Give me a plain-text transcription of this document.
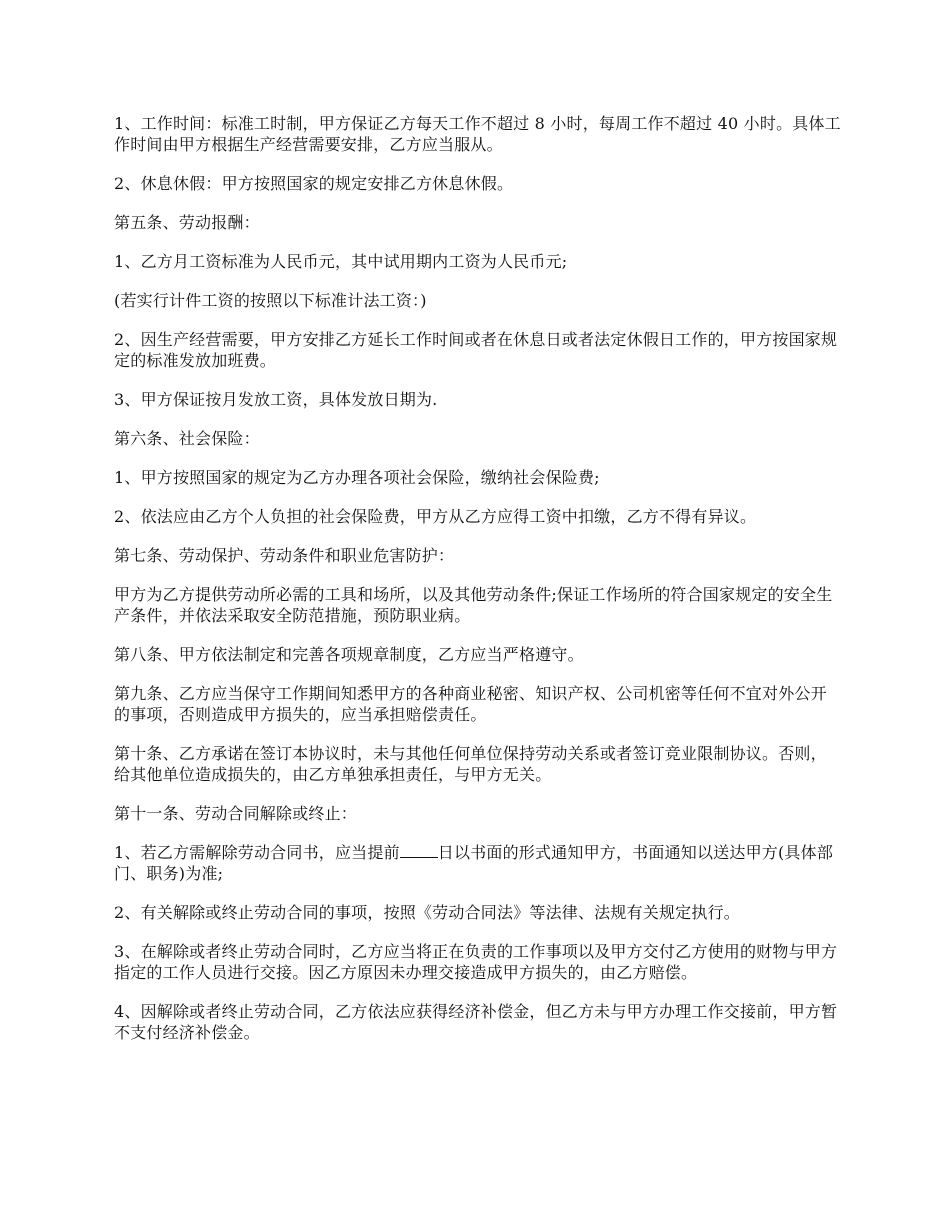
1、工作时间：标准工时制，甲方保证乙方每天工作不超过 8 小时，每周工作不超过 40 小时。具体工作时间由甲方根据生产经营需要安排，乙方应当服从。

2、休息休假：甲方按照国家的规定安排乙方休息休假。

第五条、劳动报酬：

1、乙方月工资标准为人民币元，其中试用期内工资为人民币元;

(若实行计件工资的按照以下标准计法工资：)

2、因生产经营需要，甲方安排乙方延长工作时间或者在休息日或者法定休假日工作的，甲方按国家规定的标准发放加班费。

3、甲方保证按月发放工资，具体发放日期为.

第六条、社会保险：

1、甲方按照国家的规定为乙方办理各项社会保险，缴纳社会保险费;

2、依法应由乙方个人负担的社会保险费，甲方从乙方应得工资中扣缴，乙方不得有异议。

第七条、劳动保护、劳动条件和职业危害防护：

甲方为乙方提供劳动所必需的工具和场所，以及其他劳动条件;保证工作场所的符合国家规定的安全生产条件，并依法采取安全防范措施，预防职业病。

第八条、甲方依法制定和完善各项规章制度，乙方应当严格遵守。

第九条、乙方应当保守工作期间知悉甲方的各种商业秘密、知识产权、公司机密等任何不宜对外公开的事项，否则造成甲方损失的，应当承担赔偿责任。

第十条、乙方承诺在签订本协议时，未与其他任何单位保持劳动关系或者签订竞业限制协议。否则，给其他单位造成损失的，由乙方单独承担责任，与甲方无关。

第十一条、劳动合同解除或终止：

1、若乙方需解除劳动合同书，应当提前 日以书面的形式通知甲方，书面通知以送达甲方(具体部门、职务)为准;

2、有关解除或终止劳动合同的事项，按照《劳动合同法》等法律、法规有关规定执行。

3、在解除或者终止劳动合同时，乙方应当将正在负责的工作事项以及甲方交付乙方使用的财物与甲方指定的工作人员进行交接。因乙方原因未办理交接造成甲方损失的，由乙方赔偿。

4、因解除或者终止劳动合同，乙方依法应获得经济补偿金，但乙方未与甲方办理工作交接前，甲方暂不支付经济补偿金。
